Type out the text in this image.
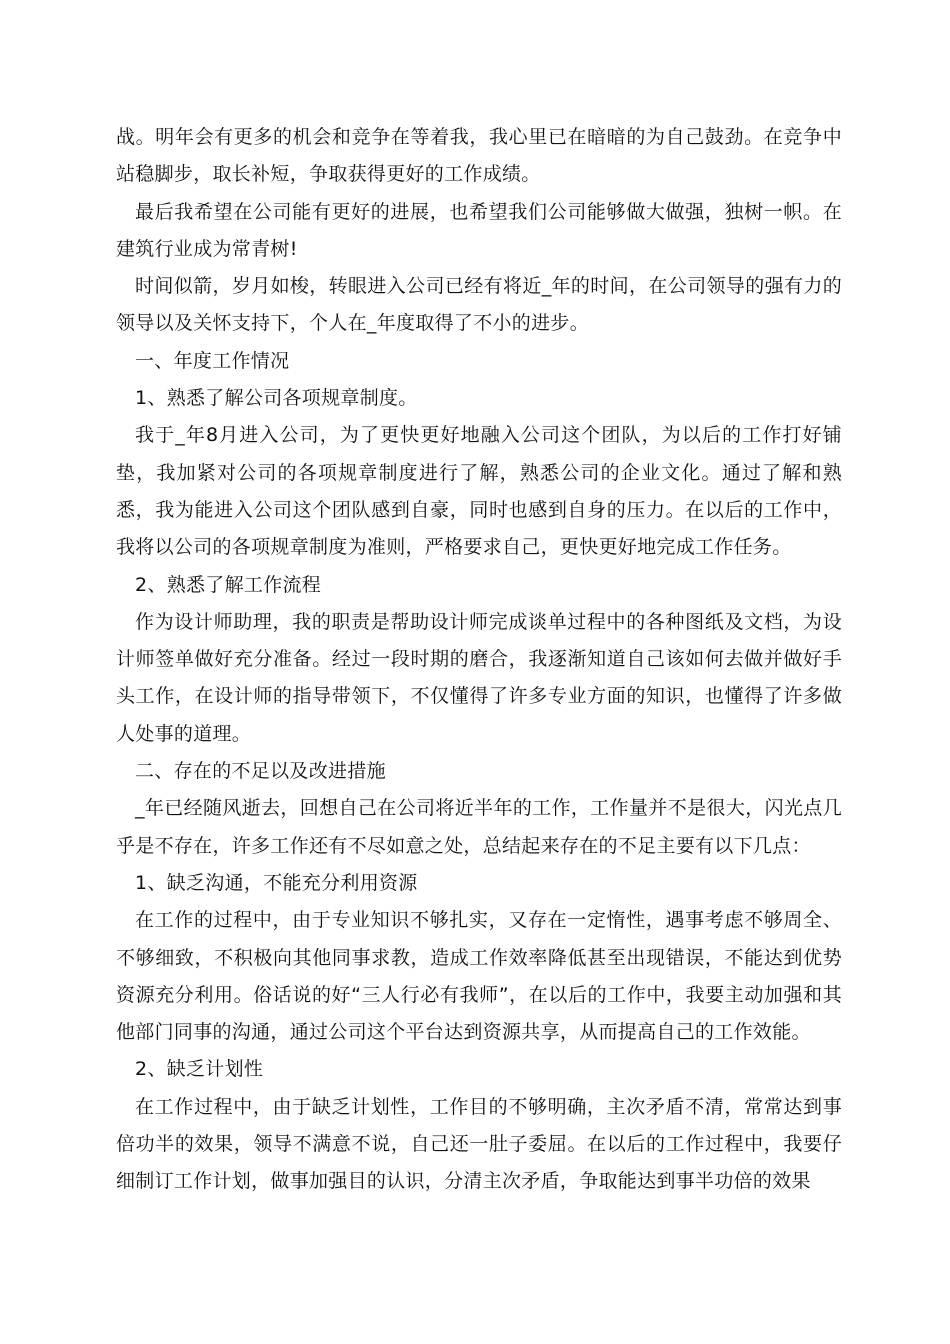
战。明年会有更多的机会和竞争在等着我，我心里已在暗暗的为自己鼓劲。在竞争中站稳脚步，取长补短，争取获得更好的工作成绩。

最后我希望在公司能有更好的进展，也希望我们公司能够做大做强，独树一帜。在建筑行业成为常青树!

时间似箭，岁月如梭，转眼进入公司已经有将近_年的时间，在公司领导的强有力的领导以及关怀支持下，个人在_年度取得了不小的进步。

一、年度工作情况

1、熟悉了解公司各项规章制度。

我于_年8月进入公司，为了更快更好地融入公司这个团队，为以后的工作打好铺垫，我加紧对公司的各项规章制度进行了解，熟悉公司的企业文化。通过了解和熟悉，我为能进入公司这个团队感到自豪，同时也感到自身的压力。在以后的工作中，我将以公司的各项规章制度为准则，严格要求自己，更快更好地完成工作任务。

2、熟悉了解工作流程

作为设计师助理，我的职责是帮助设计师完成谈单过程中的各种图纸及文档，为设计师签单做好充分准备。经过一段时期的磨合，我逐渐知道自己该如何去做并做好手头工作，在设计师的指导带领下，不仅懂得了许多专业方面的知识，也懂得了许多做人处事的道理。

二、存在的不足以及改进措施

_年已经随风逝去，回想自己在公司将近半年的工作，工作量并不是很大，闪光点几乎是不存在，许多工作还有不尽如意之处，总结起来存在的不足主要有以下几点：

1、缺乏沟通，不能充分利用资源

在工作的过程中，由于专业知识不够扎实，又存在一定惰性，遇事考虑不够周全、不够细致，不积极向其他同事求教，造成工作效率降低甚至出现错误，不能达到优势资源充分利用。俗话说的好“三人行必有我师”，在以后的工作中，我要主动加强和其他部门同事的沟通，通过公司这个平台达到资源共享，从而提高自己的工作效能。

2、缺乏计划性

在工作过程中，由于缺乏计划性，工作目的不够明确，主次矛盾不清，常常达到事倍功半的效果，领导不满意不说，自己还一肚子委屈。在以后的工作过程中，我要仔细制订工作计划，做事加强目的认识，分清主次矛盾，争取能达到事半功倍的效果
